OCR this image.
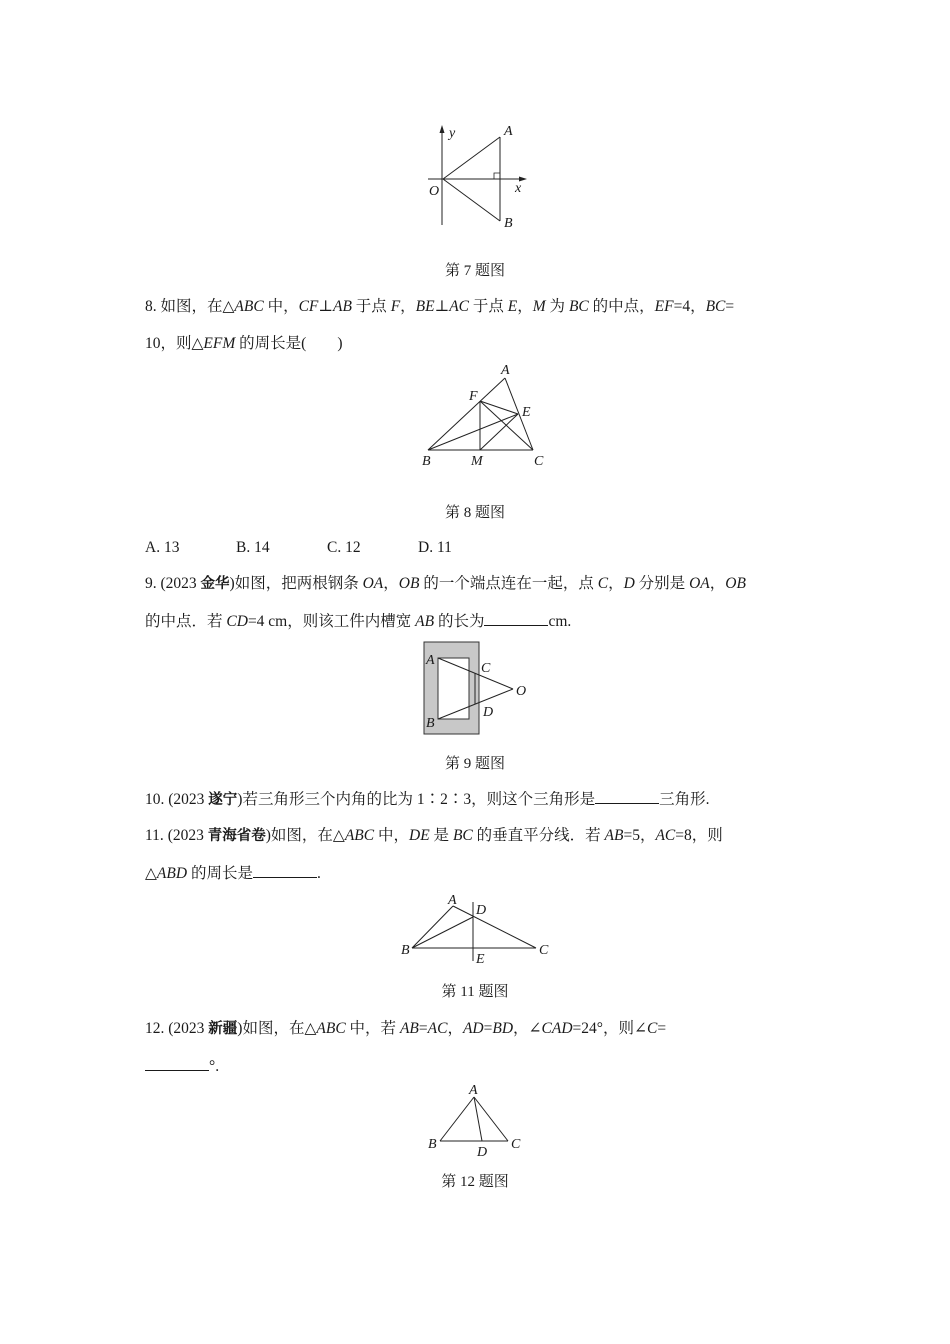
y
x
O
A
B
第 7 题图
8. 如图，在△ABC 中，CF⊥AB 于点 F，BE⊥AC 于点 E，M 为 BC 的中点，EF=4，BC=
10，则△EFM 的周长是(　　)
A
F
E
B	M	C
第 8 题图
A. 13	B. 14	C. 12	D. 11
9. (2023 金华)如图，把两根钢条 OA，OB 的一个端点连在一起，点 C，D 分别是 OA，OB
的中点．若 CD=4 cm，则该工件内槽宽 AB 的长为	cm.
A
B
C
D
O
第 9 题图
10. (2023 遂宁)若三角形三个内角的比为 1∶2∶3，则这个三角形是	三角形.
11. (2023 青海省卷)如图，在△ABC 中，DE 是 BC 的垂直平分线．若 AB=5，AC=8，则
△ABD 的周长是	.
A
D
B
E
C
第 11 题图
12. (2023 新疆)如图，在△ABC 中，若 AB=AC，AD=BD，∠CAD=24°，则∠C=
°.
A
B
D
C
第 12 题图
